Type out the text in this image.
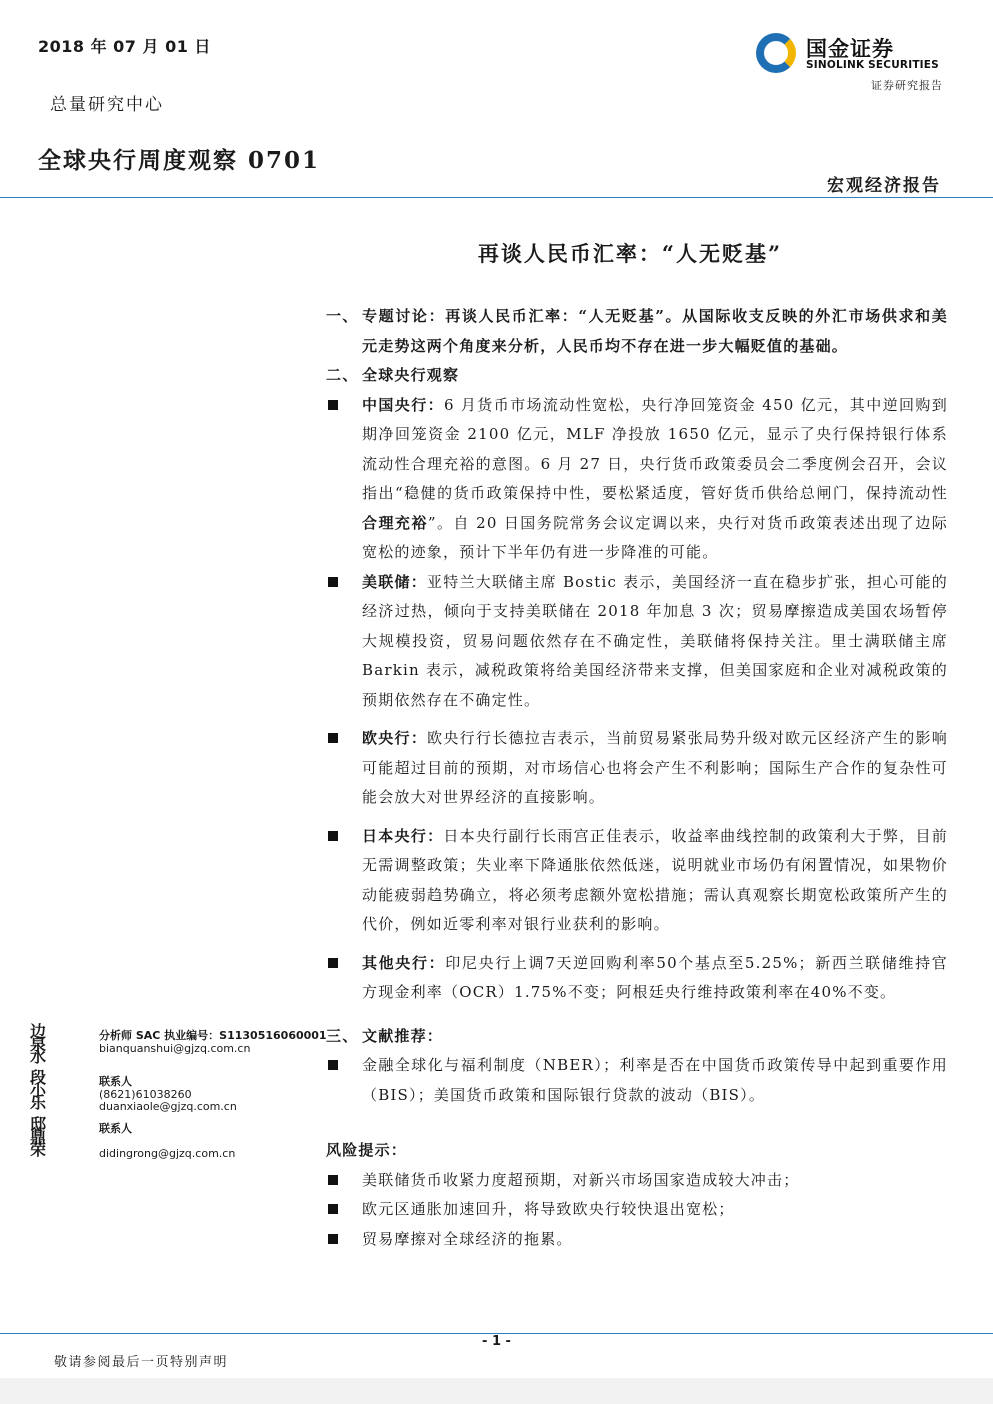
2018 年 07 月 01 日
总量研究中心
全球央行周度观察 0701
国金证券
SINOLINK SECURITIES
证券研究报告
宏观经济报告
再谈人民币汇率：“人无贬基”
一、 专题讨论：再谈人民币汇率：“人无贬基”。从国际收支反映的外汇市场供求和美元走势这两个角度来分析，人民币均不存在进一步大幅贬值的基础。
二、 全球央行观察
中国央行：6 月货币市场流动性宽松，央行净回笼资金 450 亿元，其中逆回购到期净回笼资金 2100 亿元，MLF 净投放 1650 亿元，显示了央行保持银行体系流动性合理充裕的意图。6 月 27 日，央行货币政策委员会二季度例会召开，会议指出“稳健的货币政策保持中性，要松紧适度，管好货币供给总闸门，保持流动性合理充裕”。自 20 日国务院常务会议定调以来，央行对货币政策表述出现了边际宽松的迹象，预计下半年仍有进一步降准的可能。
美联储：亚特兰大联储主席 Bostic 表示，美国经济一直在稳步扩张，担心可能的经济过热，倾向于支持美联储在 2018 年加息 3 次；贸易摩擦造成美国农场暂停大规模投资，贸易问题依然存在不确定性，美联储将保持关注。里士满联储主席 Barkin 表示，减税政策将给美国经济带来支撑，但美国家庭和企业对减税政策的预期依然存在不确定性。
欧央行：欧央行行长德拉吉表示，当前贸易紧张局势升级对欧元区经济产生的影响可能超过目前的预期，对市场信心也将会产生不利影响；国际生产合作的复杂性可能会放大对世界经济的直接影响。
日本央行：日本央行副行长雨宫正佳表示，收益率曲线控制的政策利大于弊，目前无需调整政策；失业率下降通胀依然低迷，说明就业市场仍有闲置情况，如果物价动能疲弱趋势确立，将必须考虑额外宽松措施；需认真观察长期宽松政策所产生的代价，例如近零利率对银行业获利的影响。
其他央行：印尼央行上调7天逆回购利率50个基点至5.25%；新西兰联储维持官方现金利率（OCR）1.75%不变；阿根廷央行维持政策利率在40%不变。
三、 文献推荐：
金融全球化与福利制度（NBER）；利率是否在中国货币政策传导中起到重要作用（BIS）；美国货币政策和国际银行贷款的波动（BIS）。
风险提示：
美联储货币收紧力度超预期，对新兴市场国家造成较大冲击；
欧元区通胀加速回升，将导致欧央行较快退出宽松；
贸易摩擦对全球经济的拖累。
边泉水
分析师 SAC 执业编号：S1130516060001
bianquanshui@gjzq.com.cn
段小乐
联系人
(8621)61038260
duanxiaole@gjzq.com.cn
邸鼎荣
联系人
didingrong@gjzq.com.cn
- 1 -
敬请参阅最后一页特别声明
